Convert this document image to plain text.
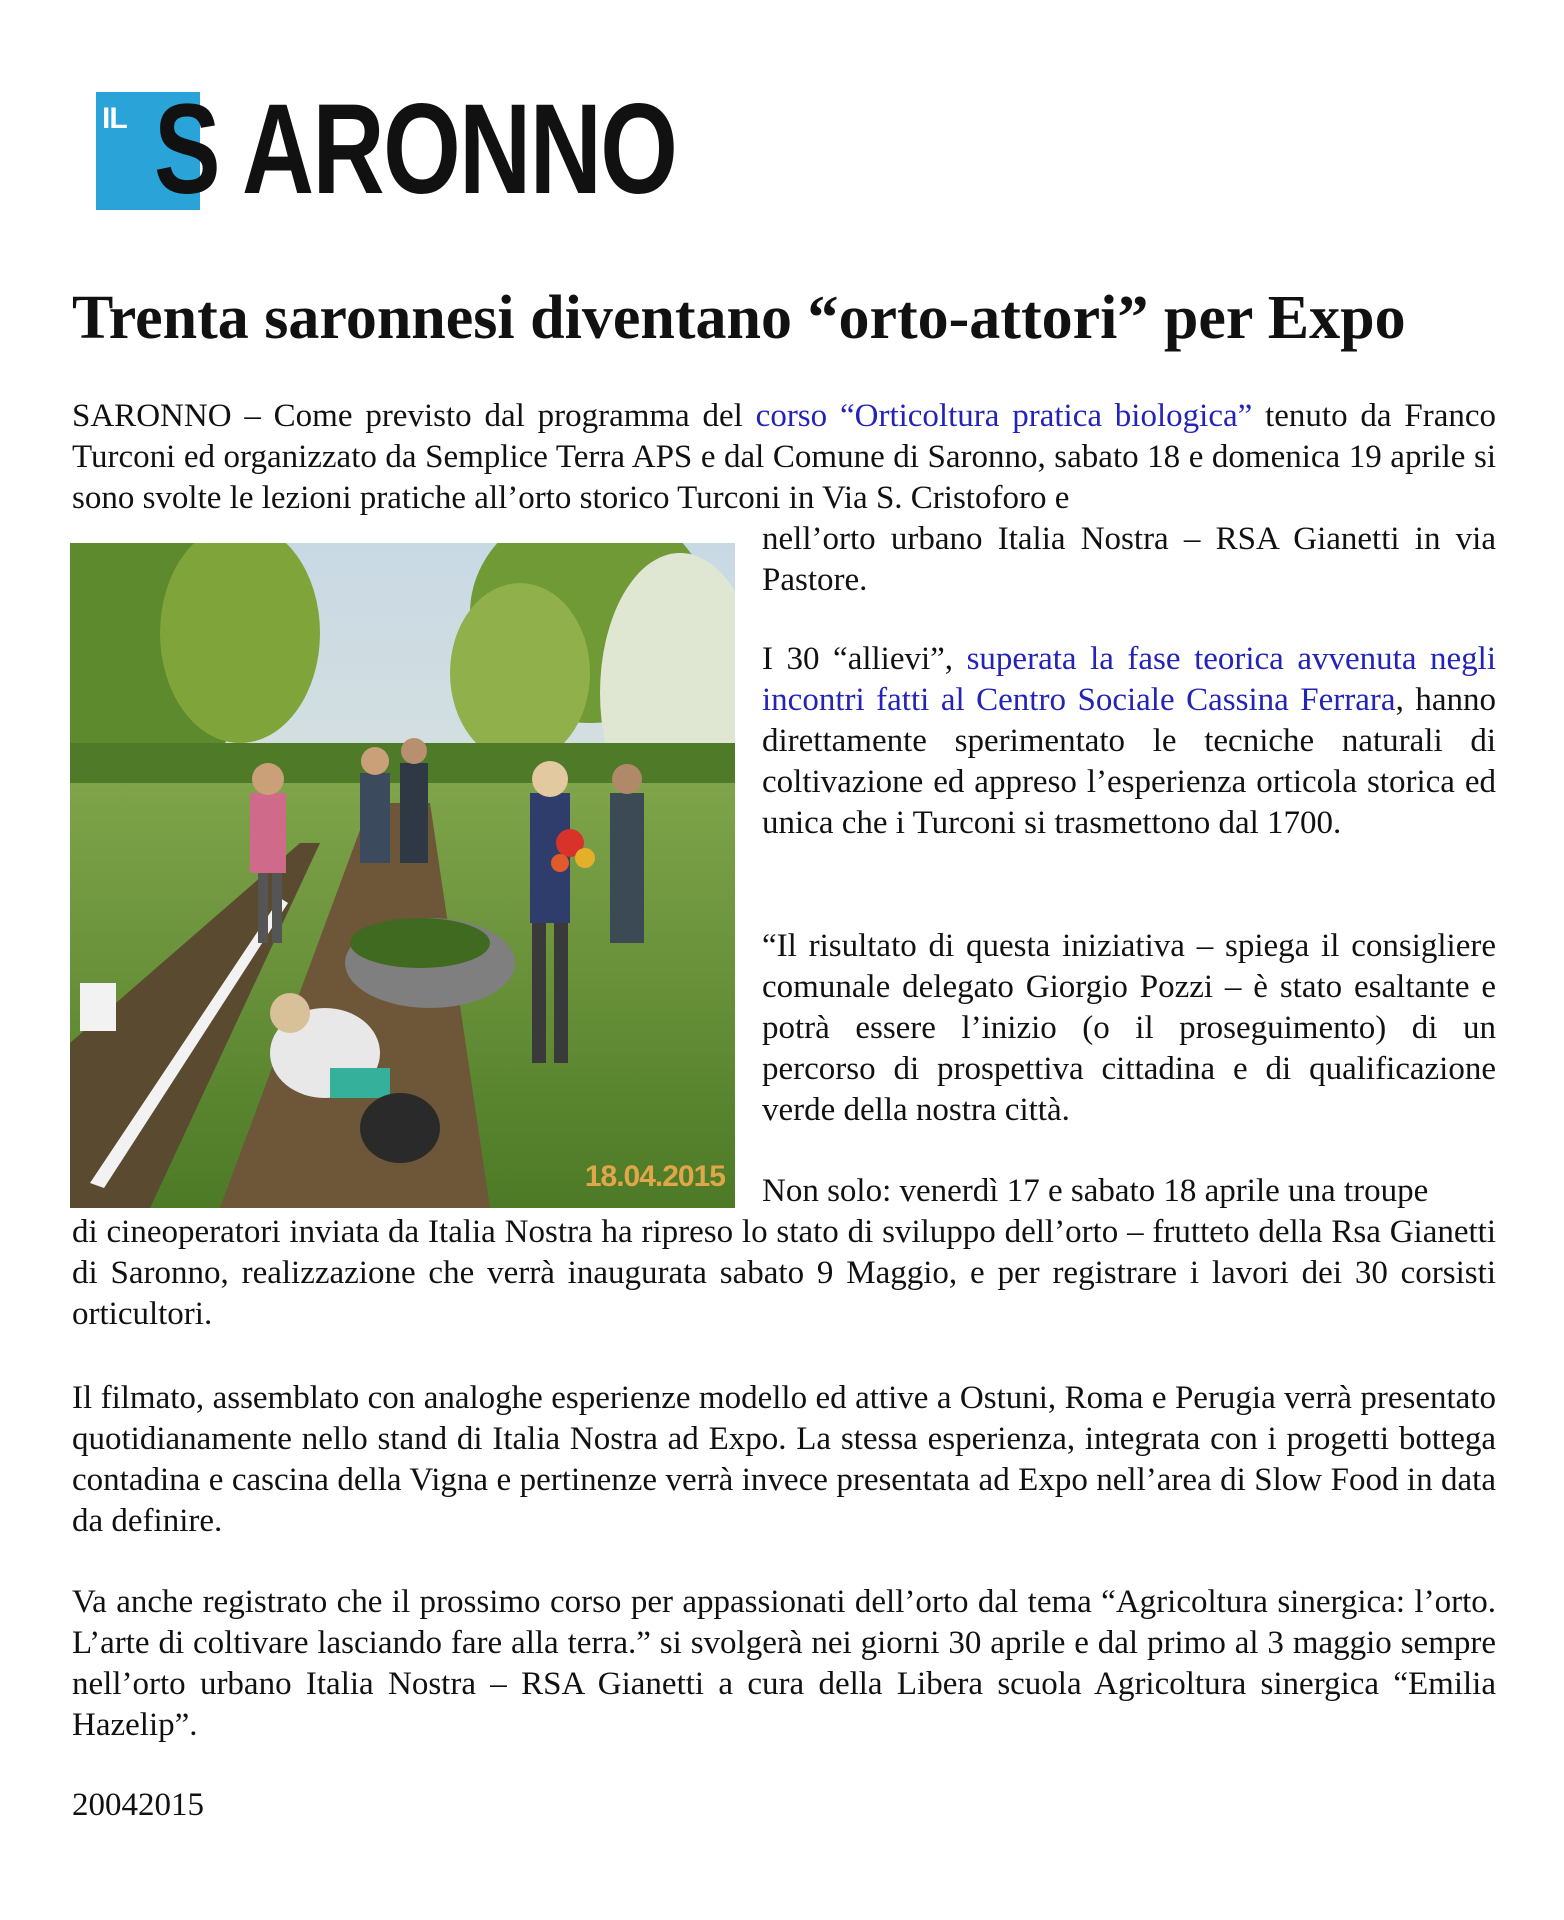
IL S ARONNO
Trenta saronnesi diventano “orto-attori” per Expo

SARONNO – Come previsto dal programma del corso “Orticoltura pratica biologica” tenuto da Franco Turconi ed organizzato da Semplice Terra APS e dal Comune di Saronno, sabato 18 e domenica 19 aprile si sono svolte le lezioni pratiche all’orto storico Turconi in Via S. Cristoforo e

nell’orto urbano Italia Nostra – RSA Gianetti in via Pastore.

18.04.2015

I 30 “allievi”, superata la fase teorica avvenuta negli incontri fatti al Centro Sociale Cassina Ferrara, hanno direttamente sperimentato le tecniche naturali di coltivazione ed appreso l’esperienza orticola storica ed unica che i Turconi si trasmettono dal 1700.

“Il risultato di questa iniziativa – spiega il consigliere comunale delegato Giorgio Pozzi – è stato esaltante e potrà essere l’inizio (o il proseguimento) di un percorso di prospettiva cittadina e di qualificazione verde della nostra città.

Non solo: venerdì 17 e sabato 18 aprile una troupe

di cineoperatori inviata da Italia Nostra ha ripreso lo stato di sviluppo dell’orto – frutteto della Rsa Gianetti di Saronno, realizzazione che verrà inaugurata sabato 9 Maggio, e per registrare i lavori dei 30 corsisti orticultori.

Il filmato, assemblato con analoghe esperienze modello ed attive a Ostuni, Roma e Perugia verrà presentato quotidianamente nello stand di Italia Nostra ad Expo. La stessa esperienza, integrata con i progetti bottega contadina e cascina della Vigna e pertinenze verrà invece presentata ad Expo nell’area di Slow Food in data da definire.

Va anche registrato che il prossimo corso per appassionati dell’orto dal tema “Agricoltura sinergica: l’orto. L’arte di coltivare lasciando fare alla terra.” si svolgerà nei giorni 30 aprile e dal primo al 3 maggio sempre nell’orto urbano Italia Nostra – RSA Gianetti a cura della Libera scuola Agricoltura sinergica “Emilia Hazelip”.

20042015
